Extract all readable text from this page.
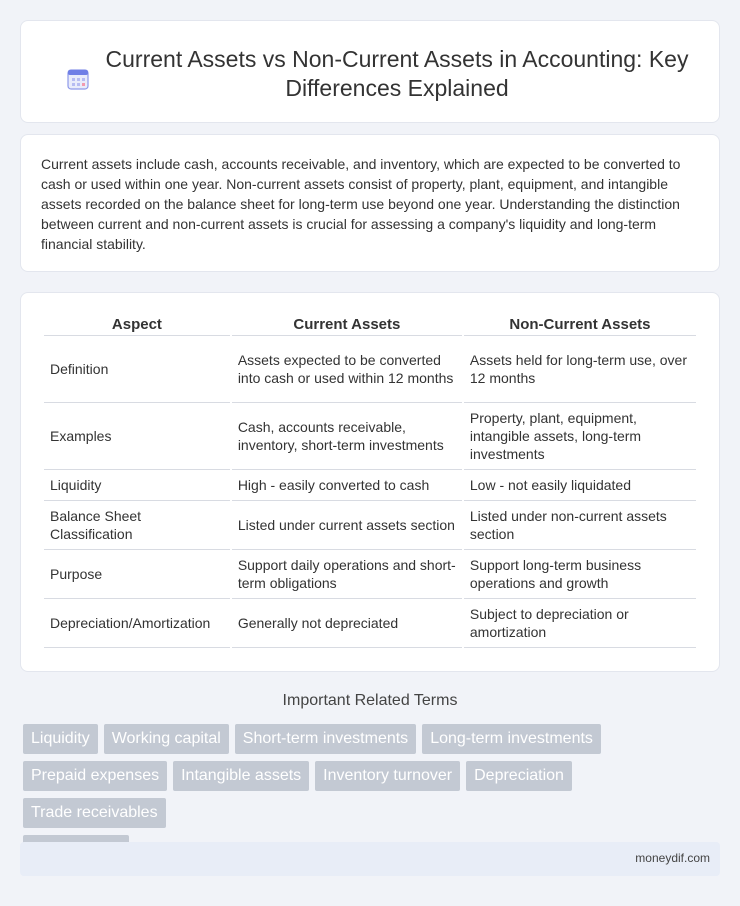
Current Assets vs Non-Current Assets in Accounting: Key Differences Explained

Current assets include cash, accounts receivable, and inventory, which are expected to be converted to cash or used within one year. Non-current assets consist of property, plant, equipment, and intangible assets recorded on the balance sheet for long-term use beyond one year. Understanding the distinction between current and non-current assets is crucial for assessing a company's liquidity and long-term financial stability.

Aspect	Current Assets	Non-Current Assets
Definition	Assets expected to be converted into cash or used within 12 months	Assets held for long-term use, over 12 months
Examples	Cash, accounts receivable, inventory, short-term investments	Property, plant, equipment, intangible assets, long-term investments
Liquidity	High - easily converted to cash	Low - not easily liquidated
Balance Sheet Classification	Listed under current assets section	Listed under non-current assets section
Purpose	Support daily operations and short-term obligations	Support long-term business operations and growth
Depreciation/Amortization	Generally not depreciated	Subject to depreciation or amortization
Important Related Terms
Liquidity	Working capital	Short-term investments	Long-term investments
Prepaid expenses	Intangible assets	Inventory turnover	Depreciation
Trade receivables
moneydif.com
